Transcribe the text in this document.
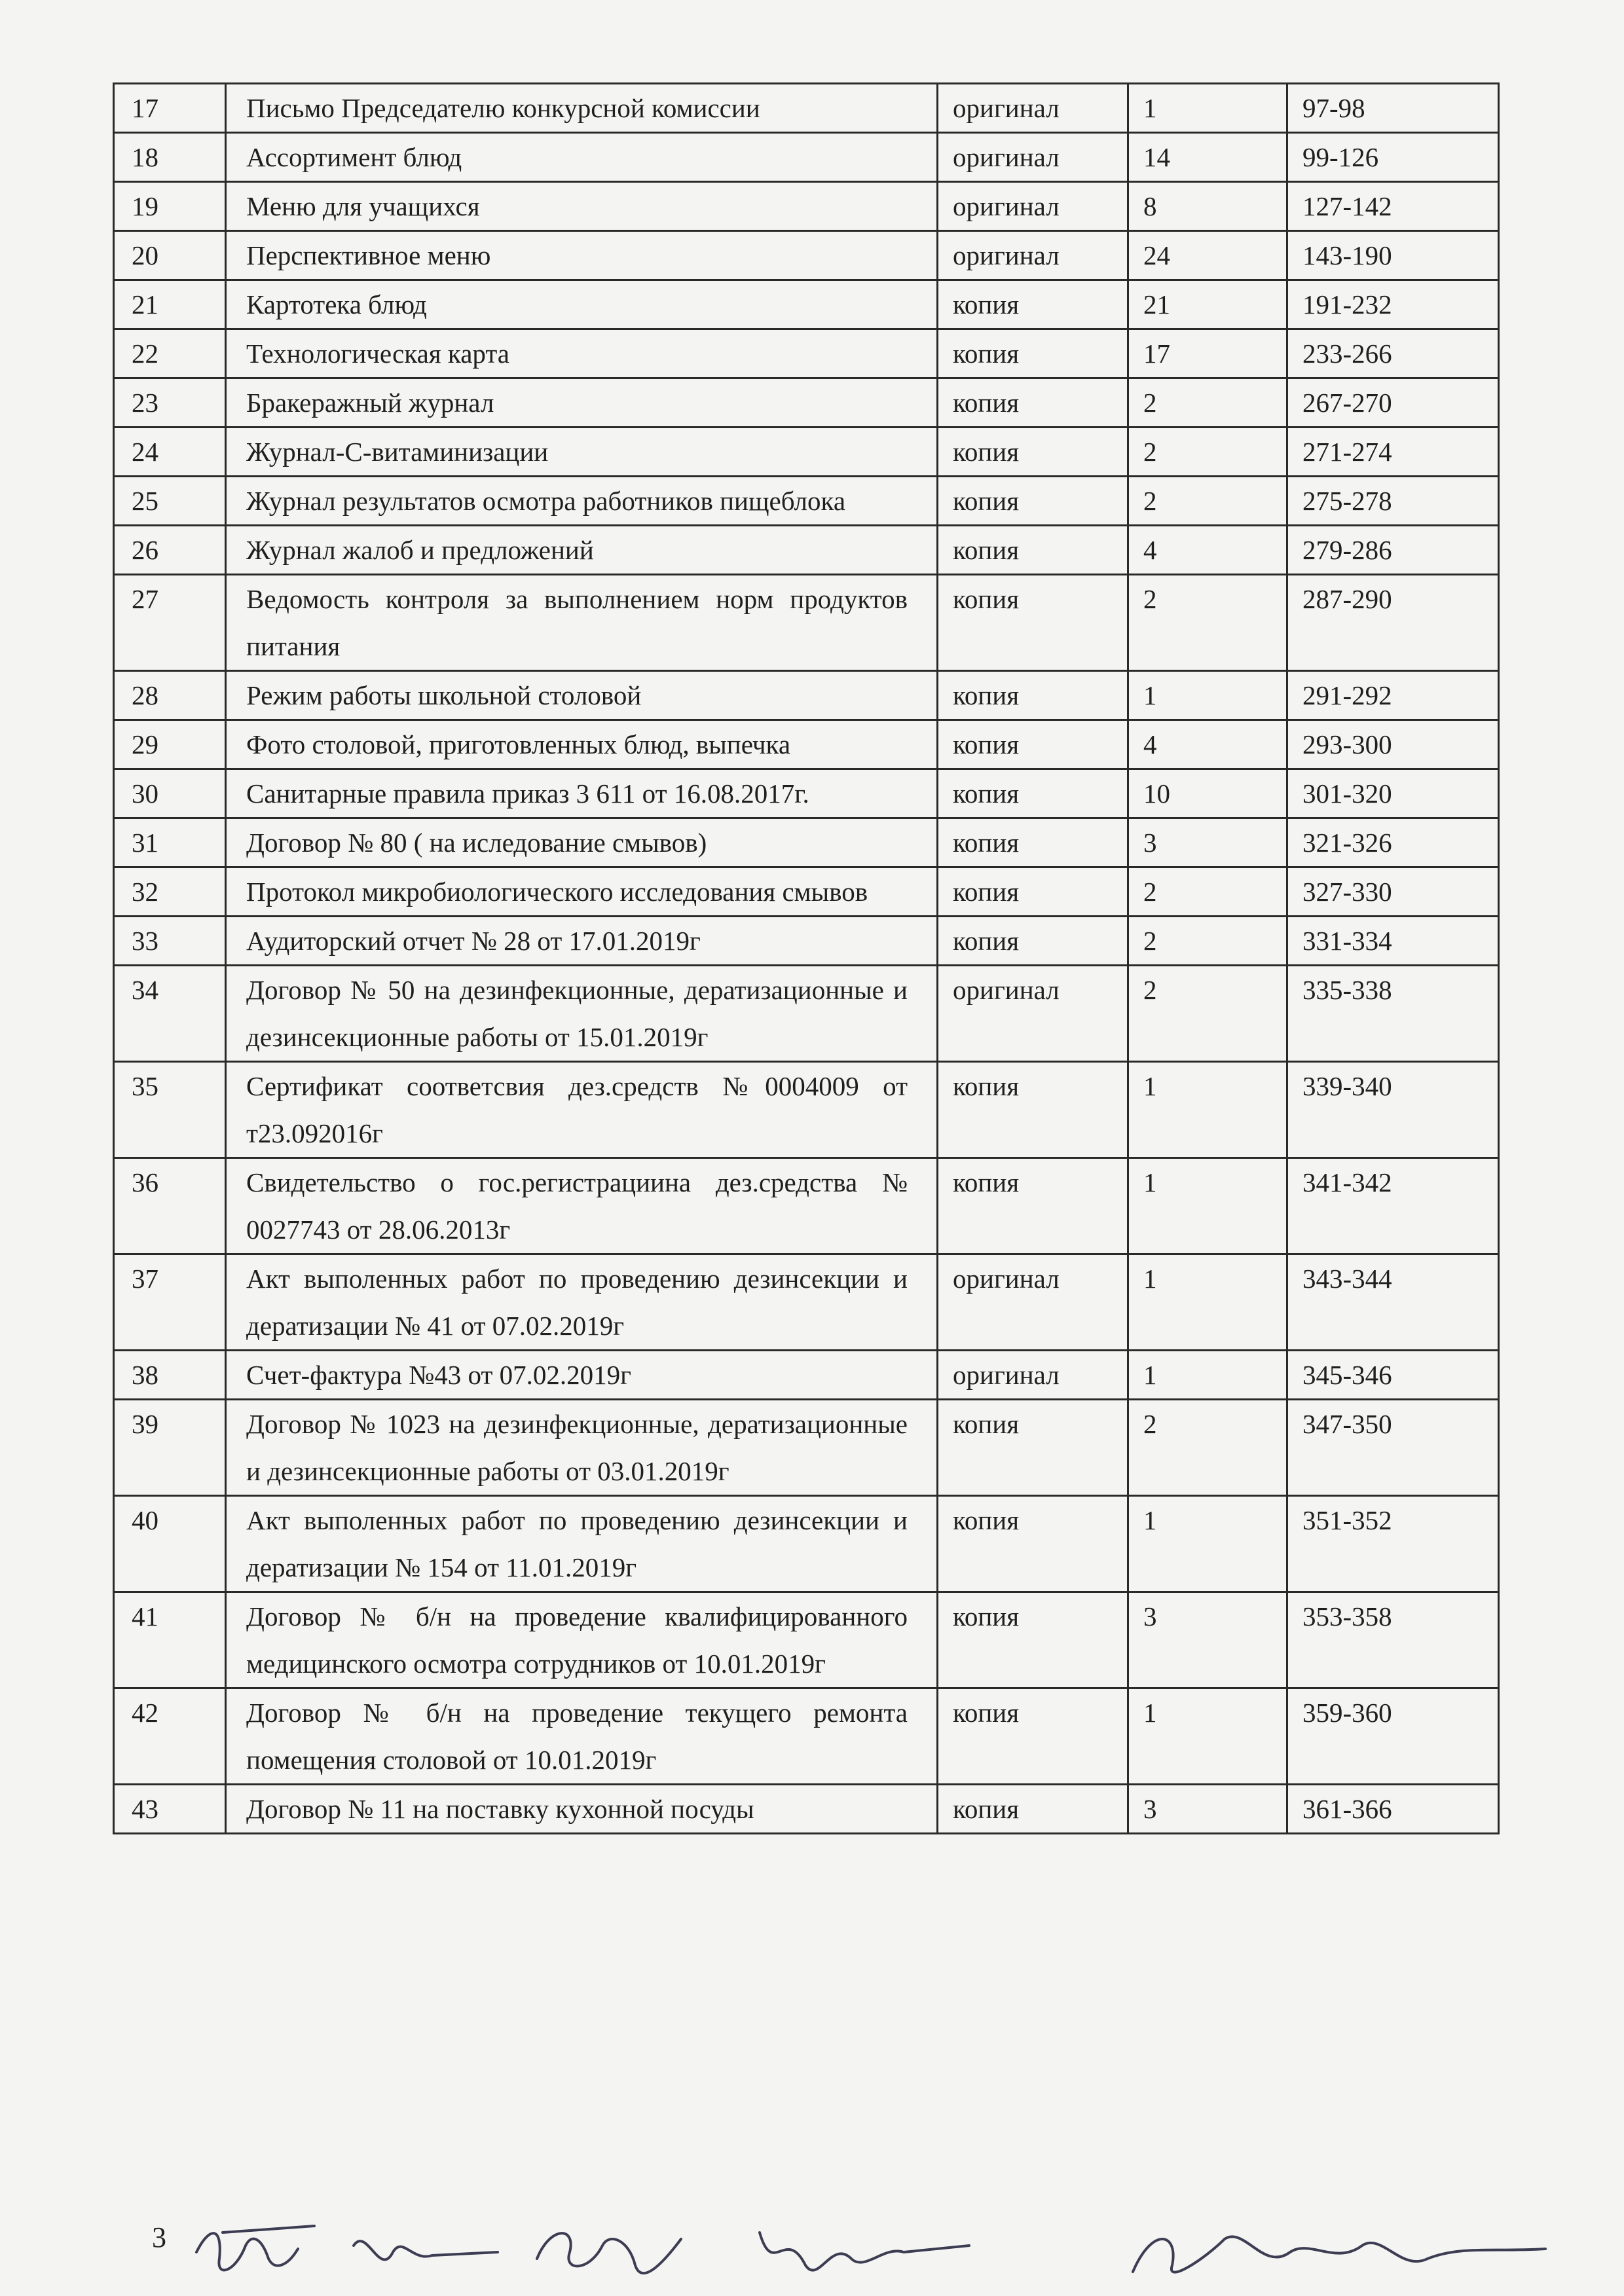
17	Письмо Председателю конкурсной комиссии	оригинал	1	97-98
18	Ассортимент блюд	оригинал	14	99-126
19	Меню для учащихся	оригинал	8	127-142
20	Перспективное меню	оригинал	24	143-190
21	Картотека блюд	копия	21	191-232
22	Технологическая карта	копия	17	233-266
23	Бракеражный журнал	копия	2	267-270
24	Журнал-С-витаминизации	копия	2	271-274
25	Журнал результатов осмотра работников пищеблока	копия	2	275-278
26	Журнал жалоб и предложений	копия	4	279-286
27	Ведомость контроля за выполнением норм продуктов питания	копия	2	287-290
28	Режим работы школьной столовой	копия	1	291-292
29	Фото столовой, приготовленных блюд, выпечка	копия	4	293-300
30	Санитарные правила приказ 3 611 от 16.08.2017г.	копия	10	301-320
31	Договор № 80 ( на иследование смывов)	копия	3	321-326
32	Протокол микробиологического исследования смывов	копия	2	327-330
33	Аудиторский отчет № 28 от 17.01.2019г	копия	2	331-334
34	Договор № 50 на дезинфекционные, дератизационные и дезинсекционные работы от 15.01.2019г	оригинал	2	335-338
35	Сертификат соответсвия дез.средств №0004009 от т23.092016г	копия	1	339-340
36	Свидетельство о гос.регистрациина дез.средства № 0027743 от 28.06.2013г	копия	1	341-342
37	Акт выполенных работ по проведению дезинсекции и дератизации № 41 от 07.02.2019г	оригинал	1	343-344
38	Счет-фактура №43 от 07.02.2019г	оригинал	1	345-346
39	Договор № 1023 на дезинфекционные, дератизационные и дезинсекционные работы от 03.01.2019г	копия	2	347-350
40	Акт выполенных работ по проведению дезинсекции и дератизации № 154 от 11.01.2019г	копия	1	351-352
41	Договор № б/н на проведение квалифицированного медицинского осмотра сотрудников от 10.01.2019г	копия	3	353-358
42	Договор № б/н на проведение текущего ремонта помещения столовой от 10.01.2019г	копия	1	359-360
43	Договор № 11 на поставку кухонной посуды	копия	3	361-366
3
